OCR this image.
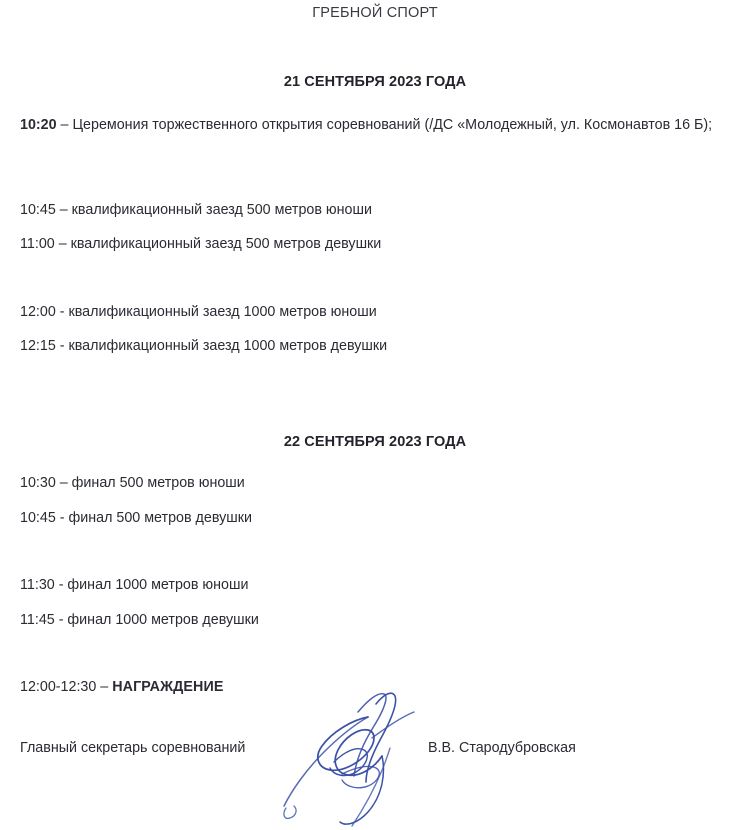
ГРЕБНОЙ СПОРТ
21 СЕНТЯБРЯ 2023 ГОДА

10:20 – Церемония торжественного открытия соревнований (/ДС «Молодежный, ул. Космонавтов 16 Б);

10:45 – квалификационный заезд 500 метров юноши
11:00 – квалификационный заезд 500 метров девушки
12:00 - квалификационный заезд 1000 метров юноши
12:15 - квалификационный заезд 1000 метров девушки
22 СЕНТЯБРЯ 2023 ГОДА
10:30 – финал 500 метров юноши
10:45 - финал 500 метров девушки
11:30 - финал 1000 метров юноши
11:45 - финал 1000 метров девушки
12:00-12:30 – НАГРАЖДЕНИЕ
Главный секретарь соревнований	В.В. Стародубровская
